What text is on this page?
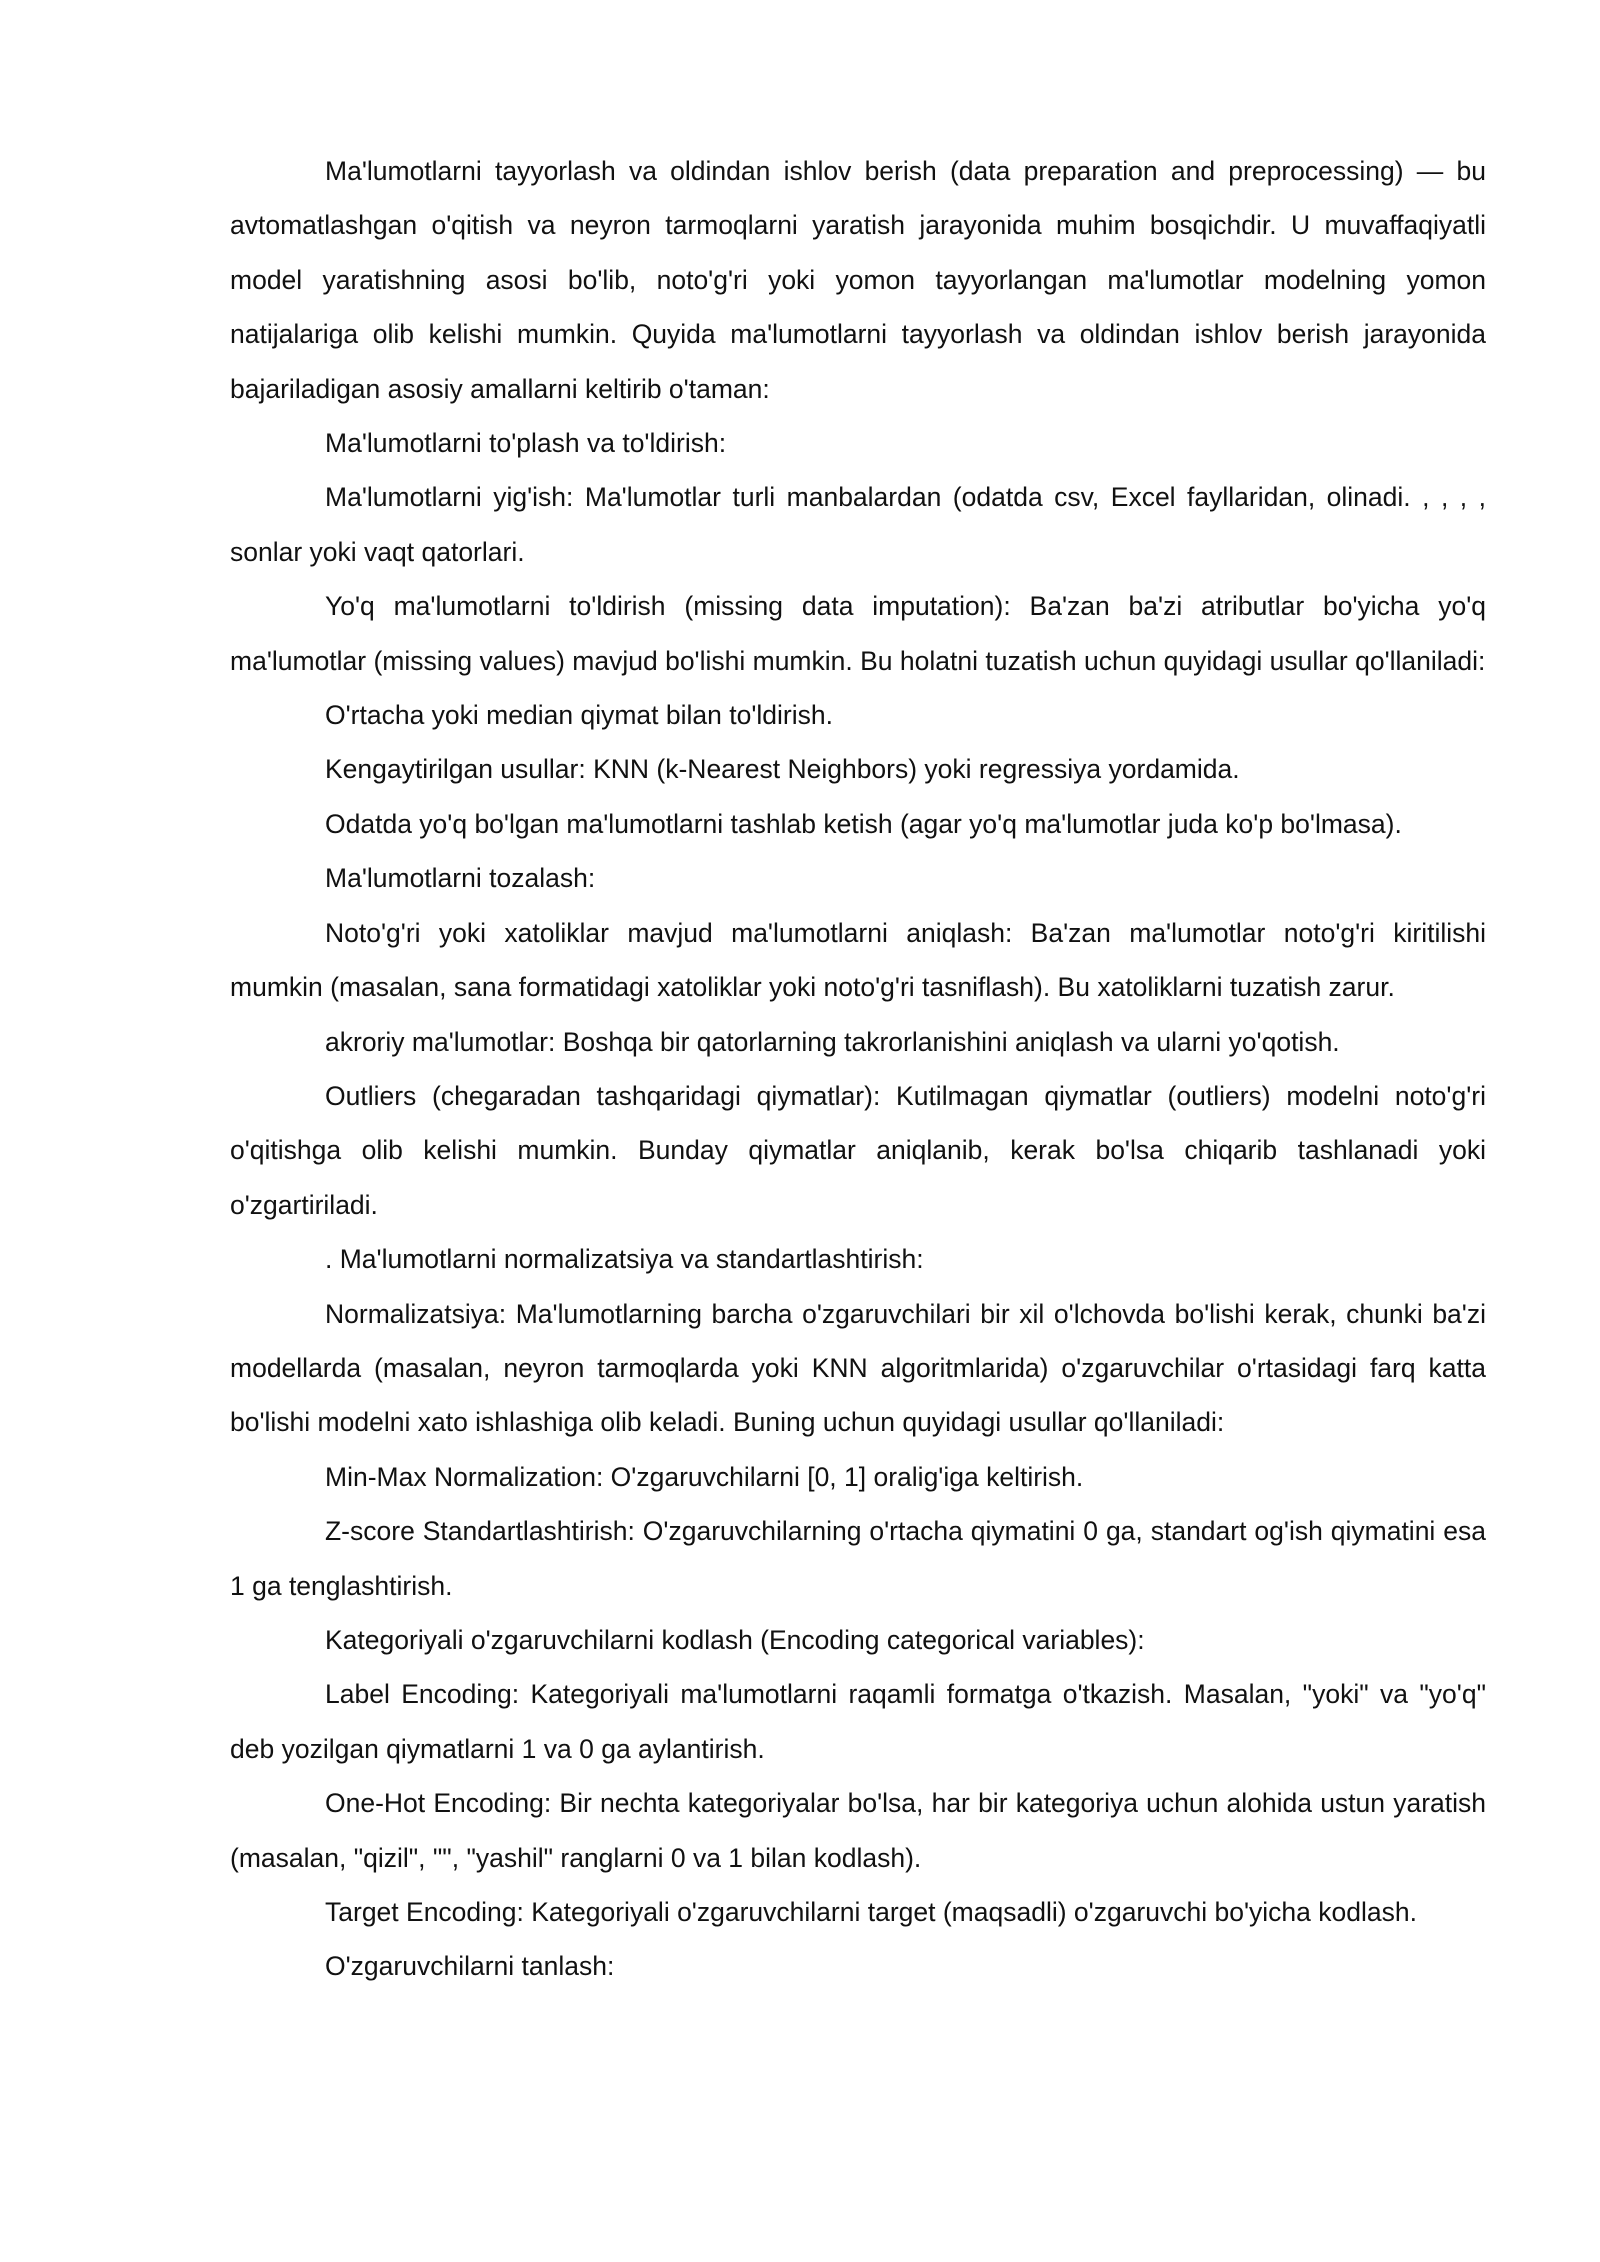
Ma'lumotlarni tayyorlash va oldindan ishlov berish (data preparation and preprocessing) — bu avtomatlashgan o'qitish va neyron tarmoqlarni yaratish jarayonida muhim bosqichdir. U muvaffaqiyatli model yaratishning asosi bo'lib, noto'g'ri yoki yomon tayyorlangan ma'lumotlar modelning yomon natijalariga olib kelishi mumkin. Quyida ma'lumotlarni tayyorlash va oldindan ishlov berish jarayonida bajariladigan asosiy amallarni keltirib o'taman:

Ma'lumotlarni to'plash va to'ldirish:

Ma'lumotlarni yig'ish: Ma'lumotlar turli manbalardan (odatda csv, Excel fayllaridan, olinadi. , , , , sonlar yoki vaqt qatorlari.

Yo'q ma'lumotlarni to'ldirish (missing data imputation): Ba'zan ba'zi atributlar bo'yicha yo'q ma'lumotlar (missing values) mavjud bo'lishi mumkin. Bu holatni tuzatish uchun quyidagi usullar qo'llaniladi:

O'rtacha yoki median qiymat bilan to'ldirish.

Kengaytirilgan usullar: KNN (k-Nearest Neighbors) yoki regressiya yordamida.

Odatda yo'q bo'lgan ma'lumotlarni tashlab ketish (agar yo'q ma'lumotlar juda ko'p bo'lmasa).

Ma'lumotlarni tozalash:

Noto'g'ri yoki xatoliklar mavjud ma'lumotlarni aniqlash: Ba'zan ma'lumotlar noto'g'ri kiritilishi mumkin (masalan, sana formatidagi xatoliklar yoki noto'g'ri tasniflash). Bu xatoliklarni tuzatish zarur.

akroriy ma'lumotlar: Boshqa bir qatorlarning takrorlanishini aniqlash va ularni yo'qotish.

Outliers (chegaradan tashqaridagi qiymatlar): Kutilmagan qiymatlar (outliers) modelni noto'g'ri o'qitishga olib kelishi mumkin. Bunday qiymatlar aniqlanib, kerak bo'lsa chiqarib tashlanadi yoki o'zgartiriladi.

. Ma'lumotlarni normalizatsiya va standartlashtirish:

Normalizatsiya: Ma'lumotlarning barcha o'zgaruvchilari bir xil o'lchovda bo'lishi kerak, chunki ba'zi modellarda (masalan, neyron tarmoqlarda yoki KNN algoritmlarida) o'zgaruvchilar o'rtasidagi farq katta bo'lishi modelni xato ishlashiga olib keladi. Buning uchun quyidagi usullar qo'llaniladi:

Min-Max Normalization: O'zgaruvchilarni [0, 1] oralig'iga keltirish.

Z-score Standartlashtirish: O'zgaruvchilarning o'rtacha qiymatini 0 ga, standart og'ish qiymatini esa 1 ga tenglashtirish.

Kategoriyali o'zgaruvchilarni kodlash (Encoding categorical variables):

Label Encoding: Kategoriyali ma'lumotlarni raqamli formatga o'tkazish. Masalan, "yoki" va "yo'q" deb yozilgan qiymatlarni 1 va 0 ga aylantirish.

One-Hot Encoding: Bir nechta kategoriyalar bo'lsa, har bir kategoriya uchun alohida ustun yaratish (masalan, "qizil", "", "yashil" ranglarni 0 va 1 bilan kodlash).

Target Encoding: Kategoriyali o'zgaruvchilarni target (maqsadli) o'zgaruvchi bo'yicha kodlash.

O'zgaruvchilarni tanlash:
